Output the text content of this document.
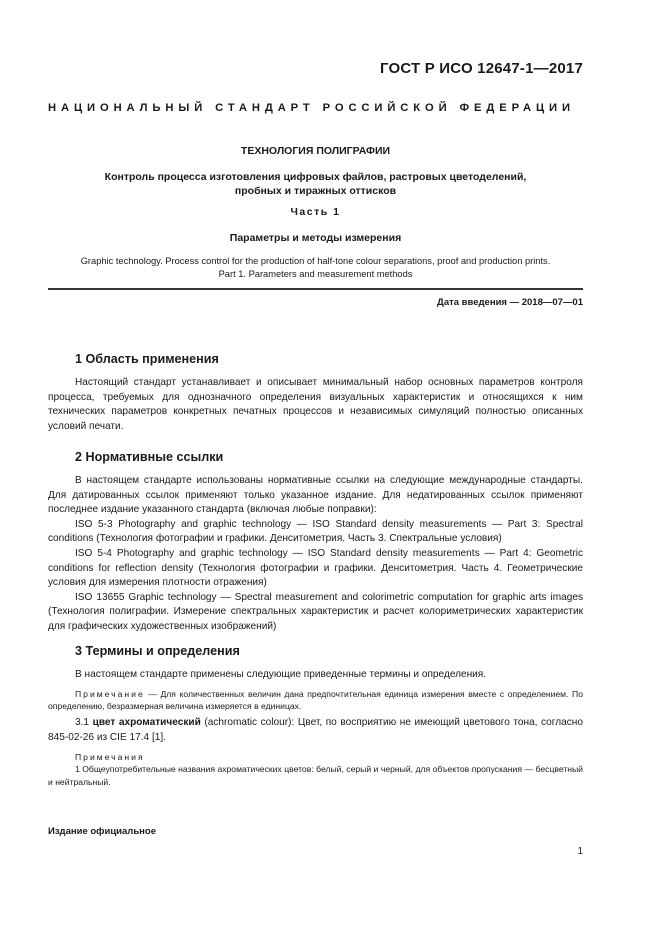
ГОСТ Р ИСО 12647-1—2017
НАЦИОНАЛЬНЫЙ СТАНДАРТ РОССИЙСКОЙ ФЕДЕРАЦИИ
ТЕХНОЛОГИЯ ПОЛИГРАФИИ
Контроль процесса изготовления цифровых файлов, растровых цветоделений,
пробных и тиражных оттисков
Часть 1
Параметры и методы измерения
Graphic technology. Process control for the production of half-tone colour separations, proof and production prints.
Part 1. Parameters and measurement methods
Дата введения — 2018—07—01
1 Область применения

Настоящий стандарт устанавливает и описывает минимальный набор основных параметров контроля процесса, требуемых для однозначного определения визуальных характеристик и относящихся к ним технических параметров конкретных печатных процессов и независимых симуляций полностью описанных условий печати.

2 Нормативные ссылки

В настоящем стандарте использованы нормативные ссылки на следующие международные стандарты. Для датированных ссылок применяют только указанное издание. Для недатированных ссылок применяют последнее издание указанного стандарта (включая любые поправки):

ISO 5-3 Photography and graphic technology — ISO Standard density measurements — Part 3: Spectral conditions (Технология фотографии и графики. Денситометрия. Часть 3. Спектральные условия)

ISO 5-4 Photography and graphic technology — ISO Standard density measurements — Part 4: Geometric conditions for reflection density (Технология фотографии и графики. Денситометрия. Часть 4. Геометрические условия для измерения плотности отражения)

ISO 13655 Graphic technology — Spectral measurement and colorimetric computation for graphic arts images (Технология полиграфии. Измерение спектральных характеристик и расчет колориметрических характеристик для графических художественных изображений)

3 Термины и определения

В настоящем стандарте применены следующие приведенные термины и определения.

Примечание — Для количественных величин дана предпочтительная единица измерения вместе с определением. По определению, безразмерная величина измеряется в единицах.

3.1 цвет ахроматический (achromatic colour): Цвет, по восприятию не имеющий цветового тона, согласно 845-02-26 из CIE 17.4 [1].

Примечания

1 Общеупотребительные названия ахроматических цветов: белый, серый и черный, для объектов пропускания — бесцветный и нейтральный.

Издание официальное
1
